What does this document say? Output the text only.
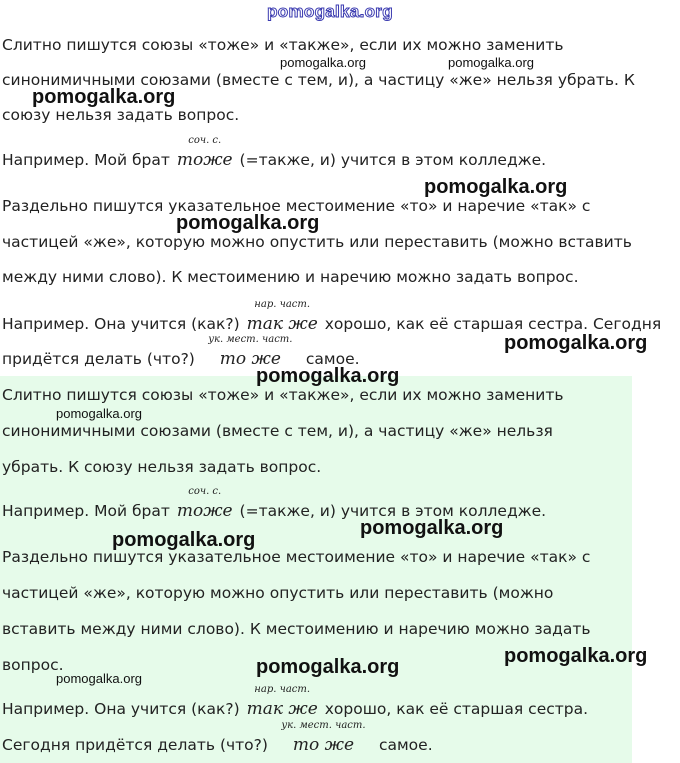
pomogalka.org
Слитно пишутся союзы «тоже» и «также», если их можно заменить
синонимичными союзами (вместе с тем, и), а частицу «же» нельзя убрать. К
союзу нельзя задать вопрос.
Например. Мой брат
соч. с.
тоже (=также, и) учится в этом колледже.
Раздельно пишутся указательное местоимение «то» и наречие «так» с
частицей «же», которую можно опустить или переставить (можно вставить
между ними слово). К местоимению и наречию можно задать вопрос.
Например. Она учится (как?)
нар. част.
так же хорошо, как её старшая сестра. Сегодня
придётся делать (что?)
ук. мест. част.
то же самое.
Слитно пишутся союзы «тоже» и «также», если их можно заменить
синонимичными союзами (вместе с тем, и), а частицу «же» нельзя
убрать. К союзу нельзя задать вопрос.
Например. Мой брат
соч. с.
тоже (=также, и) учится в этом колледже.
Раздельно пишутся указательное местоимение «то» и наречие «так» с
частицей «же», которую можно опустить или переставить (можно
вставить между ними слово). К местоимению и наречию можно задать
вопрос.
Например. Она учится (как?)
нар. част.
так же хорошо, как её старшая сестра.
Сегодня придётся делать (что?)
ук. мест. част.
то же самое.
pomogalka.org	pomogalka.org
pomogalka.org
pomogalka.org
pomogalka.org
pomogalka.org
pomogalka.org
pomogalka.org
pomogalka.org
pomogalka.org
pomogalka.org
pomogalka.org
pomogalka.org
